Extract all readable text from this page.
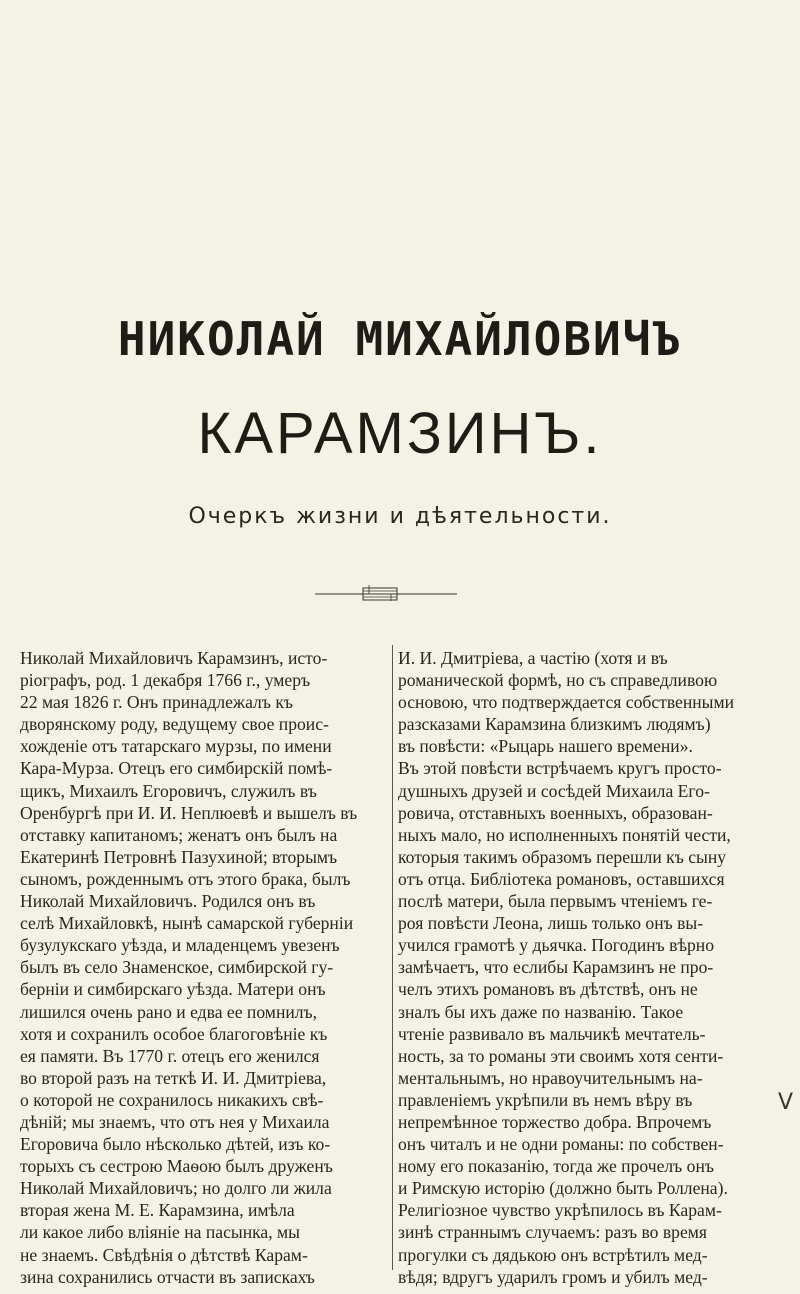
НИКОЛАЙ МИХАЙЛОВИЧЪ
КАРАМЗИНЪ.
Очеркъ жизни и дѣятельности.
Николай Михайловичъ Карамзинъ, исто-
ріографъ, род. 1 декабря 1766 г., умеръ
22 мая 1826 г. Онъ принадлежалъ къ
дворянскому роду, ведущему свое проис-
хожденіе отъ татарскаго мурзы, по имени
Кара-Мурза. Отецъ его симбирскій помѣ-
щикъ, Михаилъ Егоровичъ, служилъ въ
Оренбургѣ при И. И. Неплюевѣ и вышелъ въ
отставку капитаномъ; женатъ онъ былъ на
Екатеринѣ Петровнѣ Пазухиной; вторымъ
сыномъ, рожденнымъ отъ этого брака, былъ
Николай Михайловичъ. Родился онъ въ
селѣ Михайловкѣ, нынѣ самарской губерніи
бузулукскаго уѣзда, и младенцемъ увезенъ
былъ въ село Знаменское, симбирской гу-
берніи и симбирскаго уѣзда. Матери онъ
лишился очень рано и едва ее помнилъ,
хотя и сохранилъ особое благоговѣніе къ
ея памяти. Въ 1770 г. отецъ его женился
во второй разъ на теткѣ И. И. Дмитріева,
о которой не сохранилось никакихъ свѣ-
дѣній; мы знаемъ, что отъ нея у Михаила
Егоровича было нѣсколько дѣтей, изъ ко-
торыхъ съ сестрою Маѳою былъ друженъ
Николай Михайловичъ; но долго ли жила
вторая жена М. Е. Карамзина, имѣла
ли какое либо вліяніе на пасынка, мы
не знаемъ. Свѣдѣнія о дѣтствѣ Карам-
зина сохранились отчасти въ запискахъ
И. И. Дмитріева, а частію (хотя и въ
романической формѣ, но съ справедливою
основою, что подтверждается собственными
разсказами Карамзина близкимъ людямъ)
въ повѣсти: «Рыцарь нашего времени».
Въ этой повѣсти встрѣчаемъ кругъ просто-
душныхъ друзей и сосѣдей Михаила Его-
ровича, отставныхъ военныхъ, образован-
ныхъ мало, но исполненныхъ понятій чести,
которыя такимъ образомъ перешли къ сыну
отъ отца. Библіотека романовъ, оставшихся
послѣ матери, была первымъ чтеніемъ ге-
роя повѣсти Леона, лишь только онъ вы-
учился грамотѣ у дьячка. Погодинъ вѣрно
замѣчаетъ, что еслибы Карамзинъ не про-
челъ этихъ романовъ въ дѣтствѣ, онъ не
зналъ бы ихъ даже по названію. Такое
чтеніе развивало въ мальчикѣ мечтатель-
ность, за то романы эти своимъ хотя сенти-
ментальнымъ, но нравоучительнымъ на-
правленіемъ укрѣпили въ немъ вѣру въ
непремѣнное торжество добра. Впрочемъ
онъ читалъ и не одни романы: по собствен-
ному его показанію, тогда же прочелъ онъ
и Римскую исторію (должно быть Роллена).
Религіозное чувство укрѣпилось въ Карам-
зинѣ страннымъ случаемъ: разъ во время
прогулки съ дядькою онъ встрѣтилъ мед-
вѣдя; вдругъ ударилъ громъ и убилъ мед-
V
